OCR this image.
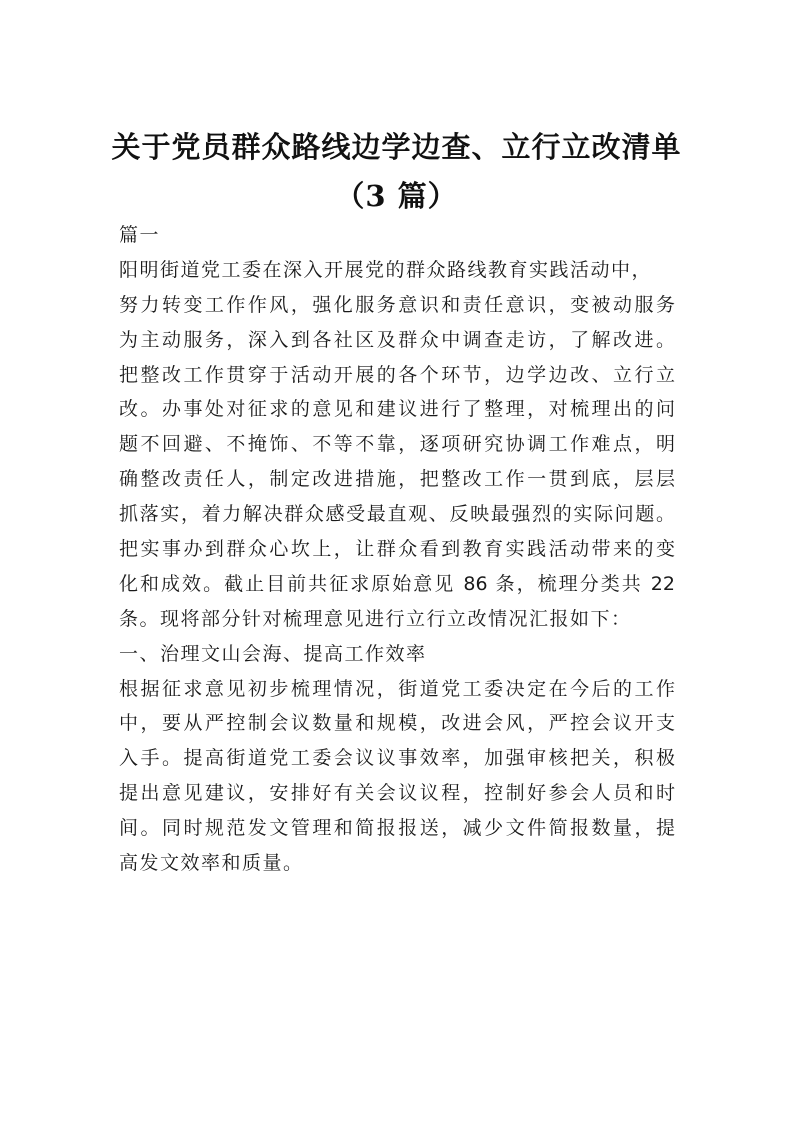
关于党员群众路线边学边查、立行立改清单
（3 篇）
篇一
阳明街道党工委在深入开展党的群众路线教育实践活动中，
努力转变工作作风，强化服务意识和责任意识，变被动服务
为主动服务，深入到各社区及群众中调查走访，了解改进。
把整改工作贯穿于活动开展的各个环节，边学边改、立行立
改。办事处对征求的意见和建议进行了整理，对梳理出的问
题不回避、不掩饰、不等不靠，逐项研究协调工作难点，明
确整改责任人，制定改进措施，把整改工作一贯到底，层层
抓落实，着力解决群众感受最直观、反映最强烈的实际问题。
把实事办到群众心坎上，让群众看到教育实践活动带来的变
化和成效。截止目前共征求原始意见 86 条，梳理分类共 22
条。现将部分针对梳理意见进行立行立改情况汇报如下：
一、治理文山会海、提高工作效率
根据征求意见初步梳理情况，街道党工委决定在今后的工作
中，要从严控制会议数量和规模，改进会风，严控会议开支
入手。提高街道党工委会议议事效率，加强审核把关，积极
提出意见建议，安排好有关会议议程，控制好参会人员和时
间。同时规范发文管理和简报报送，减少文件简报数量，提
高发文效率和质量。
